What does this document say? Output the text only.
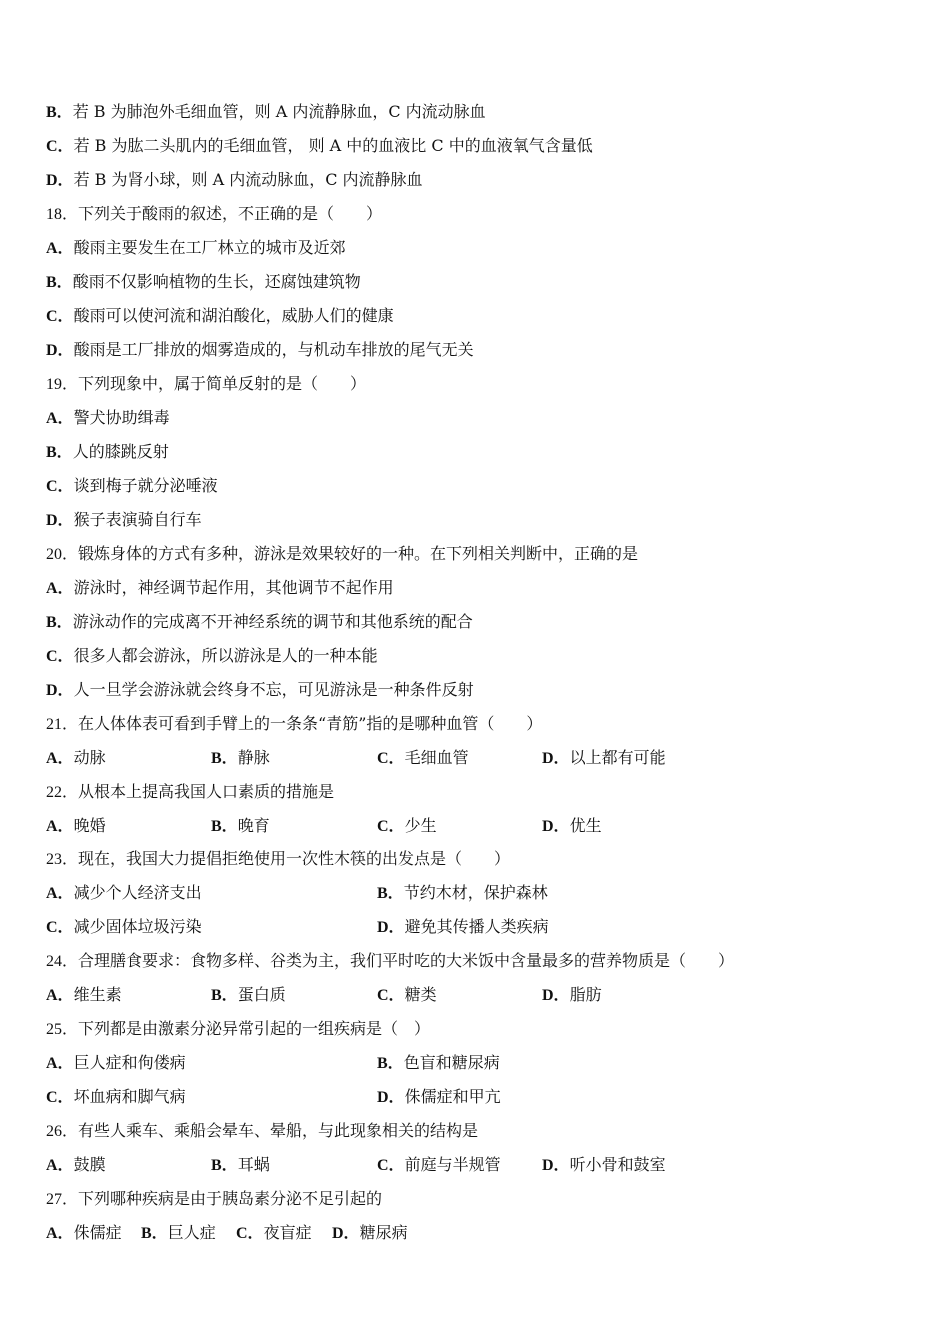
B．若 B 为肺泡外毛细血管，则 A 内流静脉血，C 内流动脉血
C．若 B 为肱二头肌内的毛细血管， 则 A 中的血液比 C 中的血液氧气含量低
D．若 B 为肾小球，则 A 内流动脉血，C 内流静脉血
18．下列关于酸雨的叙述，不正确的是（　　）
A．酸雨主要发生在工厂林立的城市及近郊
B．酸雨不仅影响植物的生长，还腐蚀建筑物
C．酸雨可以使河流和湖泊酸化，威胁人们的健康
D．酸雨是工厂排放的烟雾造成的，与机动车排放的尾气无关
19．下列现象中，属于简单反射的是（　　）
A．警犬协助缉毒
B．人的膝跳反射
C．谈到梅子就分泌唾液
D．猴子表演骑自行车
20．锻炼身体的方式有多种，游泳是效果较好的一种。在下列相关判断中，正确的是
A．游泳时，神经调节起作用，其他调节不起作用
B．游泳动作的完成离不开神经系统的调节和其他系统的配合
C．很多人都会游泳，所以游泳是人的一种本能
D．人一旦学会游泳就会终身不忘，可见游泳是一种条件反射
21．在人体体表可看到手臂上的一条条“青筋”指的是哪种血管（　　）
A．动脉	B．静脉	C．毛细血管	D．以上都有可能
22．从根本上提高我国人口素质的措施是
A．晚婚	B．晚育	C．少生	D．优生
23．现在，我国大力提倡拒绝使用一次性木筷的出发点是（　　）
A．减少个人经济支出	B．节约木材，保护森林
C．减少固体垃圾污染	D．避免其传播人类疾病
24．合理膳食要求：食物多样、谷类为主，我们平时吃的大米饭中含量最多的营养物质是（　　）
A．维生素	B．蛋白质	C．糖类	D．脂肪
25．下列都是由激素分泌异常引起的一组疾病是（　）
A．巨人症和佝偻病	B．色盲和糖尿病
C．坏血病和脚气病	D．侏儒症和甲亢
26．有些人乘车、乘船会晕车、晕船，与此现象相关的结构是
A．鼓膜	B．耳蜗	C．前庭与半规管	D．听小骨和鼓室
27．下列哪种疾病是由于胰岛素分泌不足引起的
A．侏儒症 B．巨人症 C．夜盲症 D．糖尿病
